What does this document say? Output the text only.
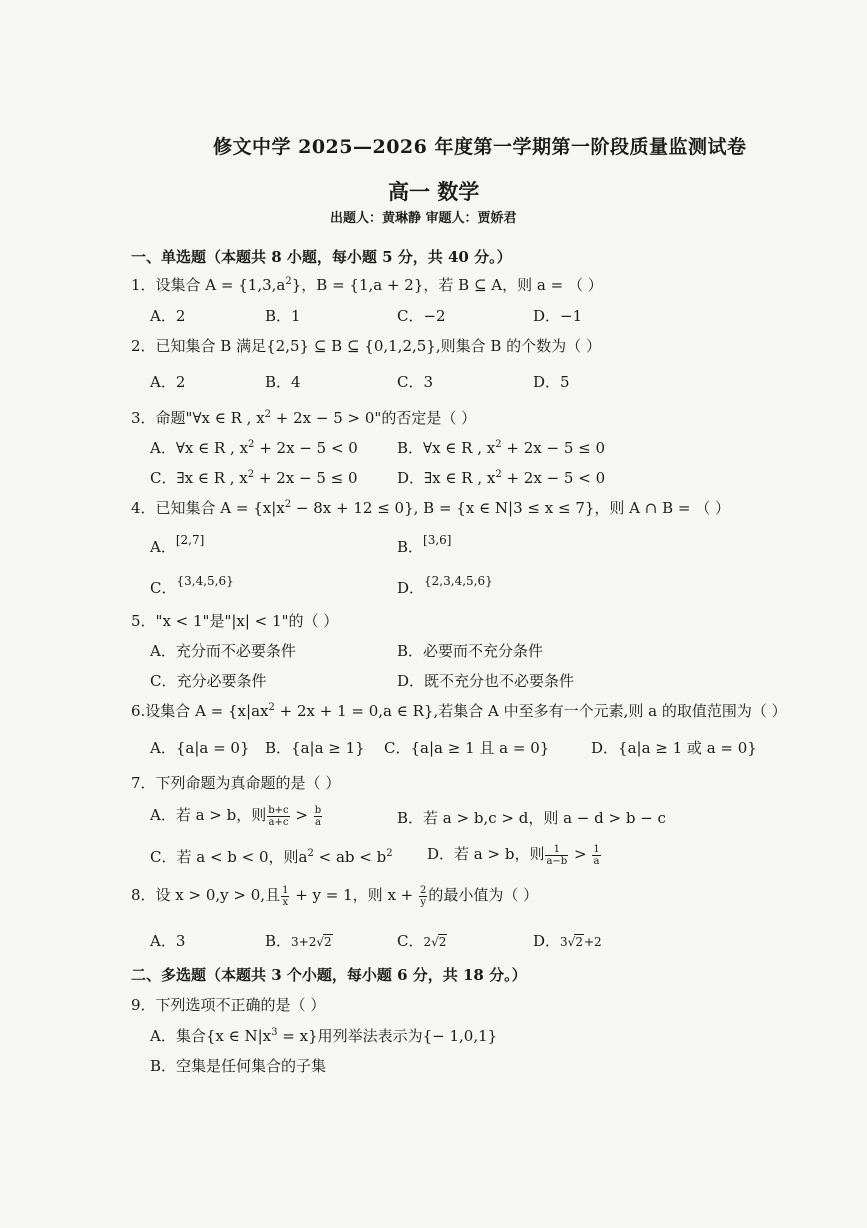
修文中学 2025—2026 年度第一学期第一阶段质量监测试卷
高一 数学
出题人：黄琳静 审题人：贾娇君
一、单选题（本题共 8 小题，每小题 5 分，共 40 分。）
1．设集合 $A = \{1,3,a^2\}$，B = {1,a + 2}，若 B ⊆ A，则 a = （ ）
A．2	B．1	C．−2	D．−1
2．已知集合 B 满足{2,5} ⊆ B ⊆ {0,1,2,5},则集合 B 的个数为（ ）
A．2	B．4	C．3	D．5
3．命题"∀x ∈ R , $x^2 + 2x - 5 > 0$"的否定是（ ）
A．∀x ∈ R , $x^2 + 2x - 5 < 0$	B．∀x ∈ R , $x^2 + 2x - 5 \le 0$
C．∃x ∈ R , $x^2 + 2x - 5 \le 0$	D．∃x ∈ R , $x^2 + 2x - 5 < 0$
4．已知集合 $A = \{x|x^2 - 8x + 12 \le 0\}$, B = {x ∈ N|3 ≤ x ≤ 7}，则 A ∩ B = （ ）
A．[2,7]	B．[3,6]
C．$^{\{3,4,5,6\}}$	D．$^{\{2,3,4,5,6\}}$
5．"x < 1"是"|x| < 1"的（ ）
A．充分而不必要条件	B．必要而不充分条件
C．充分必要条件	D．既不充分也不必要条件
6.设集合 $A = \{x|ax^2 + 2x + 1 = 0,a$ ∈ R},若集合 A 中至多有一个元素,则 a 的取值范围为（ ）
A．{a|a = 0} B．{a|a ≥ 1} C．{a|a ≥ 1 且 a = 0}	D．{a|a ≥ 1 或 a = 0}
7．下列命题为真命题的是（ ）
A．若 a > b，则 $\frac{b+c}{a+c} > \frac{b}{a}$	B．若 a > b,c > d，则 a − d > b − c
C．若 a < b < 0，则$a^2$ < ab < $b^2$ D．若 a > b，则 $\frac{1}{a-b} > \frac{1}{a}$
8．设 x > 0,y > 0,且 $\frac{1}{x} + y = 1$，则 $x + \frac{2}{y}$ 的最小值为（ ）
A．3	B．3+2√2	C．2√2	D．3√2+2
二、多选题（本题共 3 个小题，每小题 6 分，共 18 分。）
9．下列选项不正确的是（ ）
A．集合{x ∈ $N|x^3 = x$}用列举法表示为{− 1,0,1}
B．空集是任何集合的子集
